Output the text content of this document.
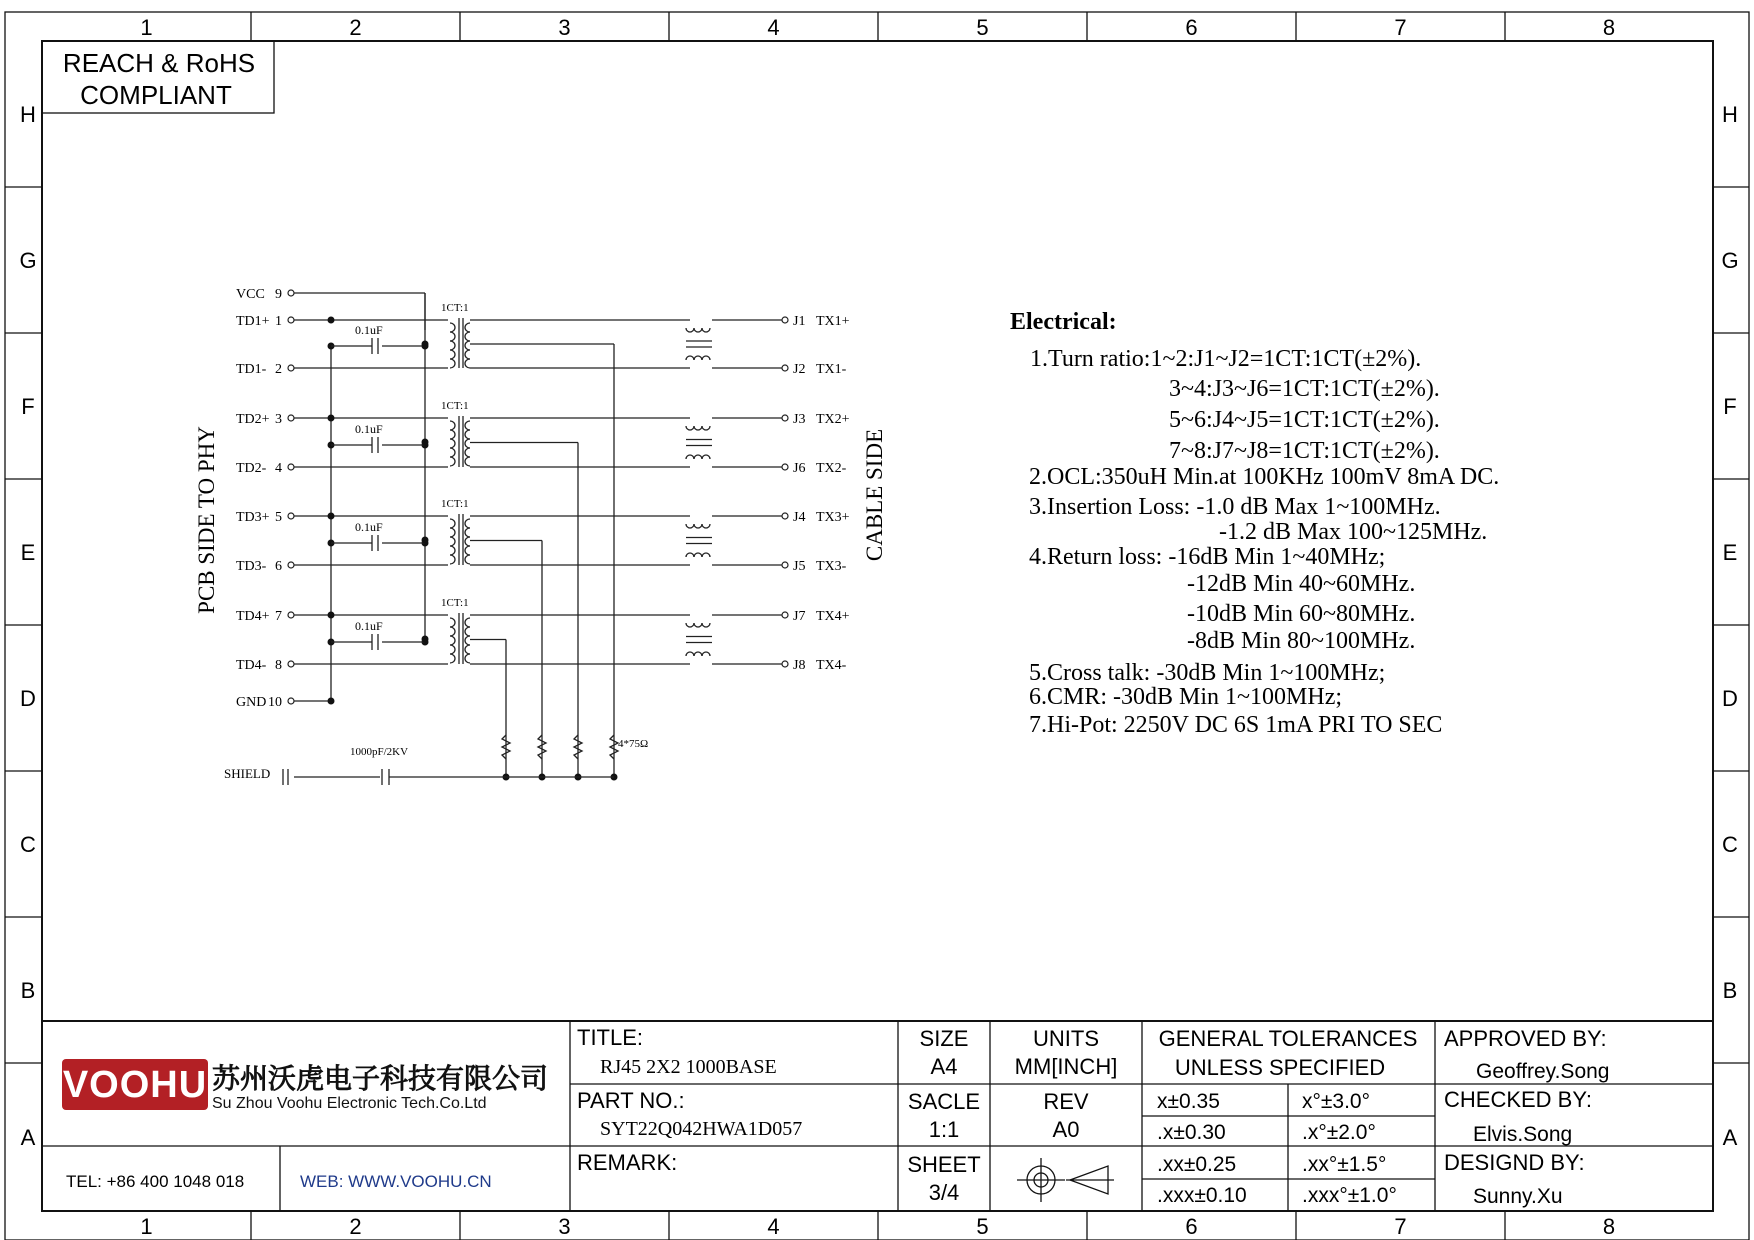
1
1
2
2
3
3
4
4
5
5
6
6
7
7
8
8
H	H
G	G
F	F
E	E
D	D
C	C
B	B
A	A
REACH & RoHS
COMPLIANT
PCB SIDE TO PHY	CABLE SIDE
VCC 9
TD1+ 1
TD1- 2
TD2+ 3
TD2- 4
TD3+ 5
TD3- 6
TD4+ 7
TD4- 8
GND 10
J1 TX1+
J2 TX1-
J3 TX2+
J6 TX2-
J4 TX3+
J5 TX3-
J7 TX4+
J8 TX4-
0.1uF
1CT:1
0.1uF
1CT:1
0.1uF
1CT:1
0.1uF
1CT:1
SHIELD
1000pF/2KV
4*75Ω
Electrical:
1.Turn ratio:1~2:J1~J2=1CT:1CT(±2%).
3~4:J3~J6=1CT:1CT(±2%).
5~6:J4~J5=1CT:1CT(±2%).
7~8:J7~J8=1CT:1CT(±2%).
2.OCL:350uH Min.at 100KHz 100mV 8mA DC.
3.Insertion Loss: -1.0 dB Max 1~100MHz.
-1.2 dB Max 100~125MHz.
4.Return loss: -16dB Min 1~40MHz;
-12dB Min 40~60MHz.
-10dB Min 60~80MHz.
-8dB Min 80~100MHz.
5.Cross talk: -30dB Min 1~100MHz;
6.CMR: -30dB Min 1~100MHz;
7.Hi-Pot: 2250V DC 6S 1mA PRI TO SEC
VOOHU 苏州沃虎电子科技有限公司
Su Zhou Voohu Electronic Tech.Co.Ltd
TEL: +86 400 1048 018	WEB: WWW.VOOHU.CN
TITLE:
RJ45 2X2 1000BASE
PART NO.:
SYT22Q042HWA1D057
REMARK:
SIZE
A4
UNITS
MM[INCH]
SACLE
1:1
REV
A0
SHEET
3/4
GENERAL TOLERANCES
UNLESS SPECIFIED
x±0.35	x°±3.0°
.x±0.30	.x°±2.0°
.xx±0.25	.xx°±1.5°
.xxx±0.10	.xxx°±1.0°
APPROVED BY:
Geoffrey.Song
CHECKED BY:
Elvis.Song
DESIGND BY:
Sunny.Xu
